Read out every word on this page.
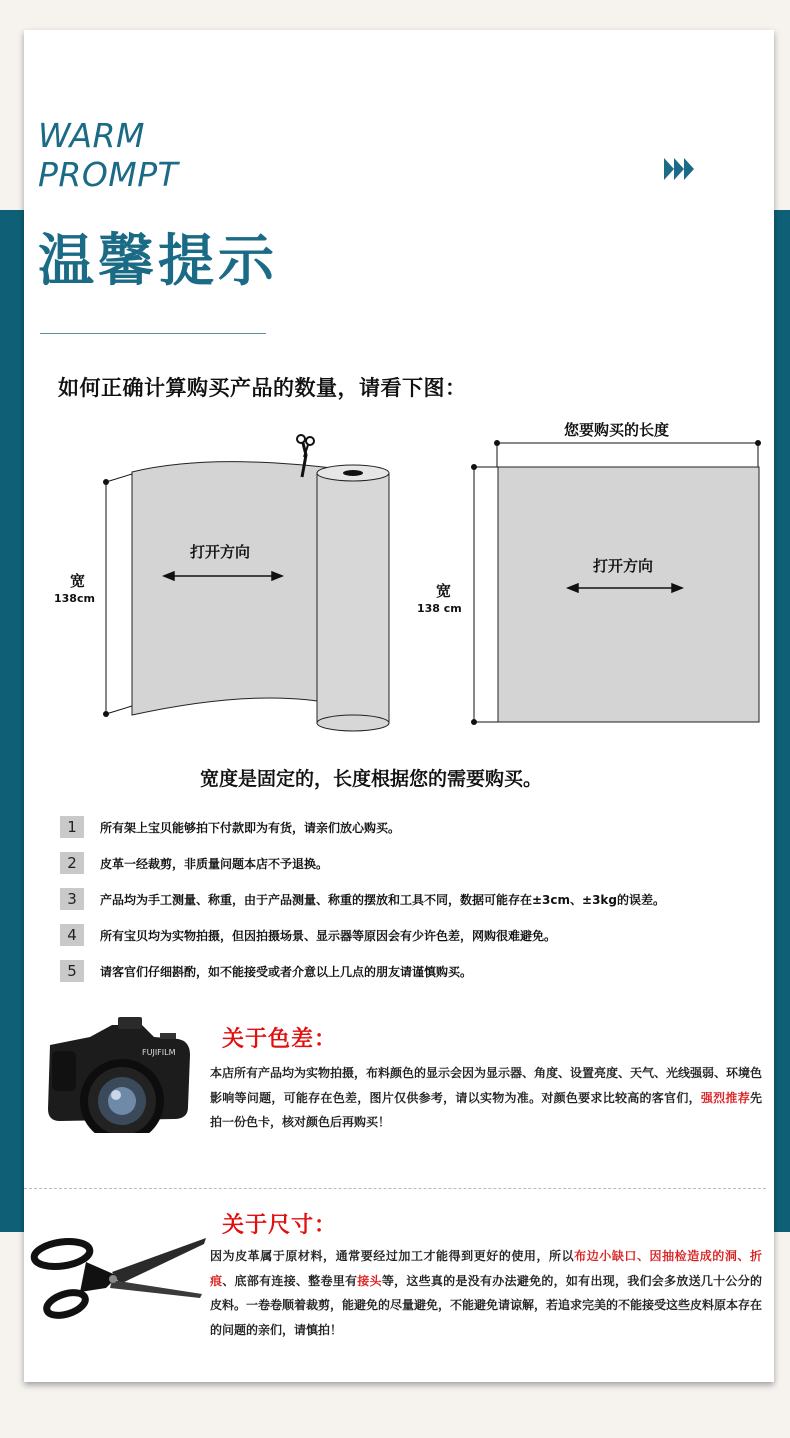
WARM
PROMPT
温馨提示
如何正确计算购买产品的数量，请看下图：
打开方向
宽
138cm
您要购买的长度
打开方向
宽
138 cm
宽度是固定的，长度根据您的需要购买。
1	所有架上宝贝能够拍下付款即为有货，请亲们放心购买。
2	皮革一经裁剪，非质量问题本店不予退换。
3	产品均为手工测量、称重，由于产品测量、称重的摆放和工具不同，数据可能存在±3cm、±3kg的误差。
4	所有宝贝均为实物拍摄，但因拍摄场景、显示器等原因会有少许色差，网购很难避免。
5	请客官们仔细斟酌，如不能接受或者介意以上几点的朋友请谨慎购买。
FUJIFILM
关于色差：
本店所有产品均为实物拍摄，布料颜色的显示会因为显示器、角度、设置亮度、天气、光线强弱、环境色影响等问题，可能存在色差，图片仅供参考，请以实物为准。对颜色要求比较高的客官们，强烈推荐先拍一份色卡，核对颜色后再购买！
关于尺寸：
因为皮革属于原材料，通常要经过加工才能得到更好的使用，所以布边小缺口、因抽检造成的洞、折痕、底部有连接、整卷里有接头等，这些真的是没有办法避免的，如有出现，我们会多放送几十公分的皮料。一卷卷顺着裁剪，能避免的尽量避免，不能避免请谅解，若追求完美的不能接受这些皮料原本存在的问题的亲们，请慎拍！
